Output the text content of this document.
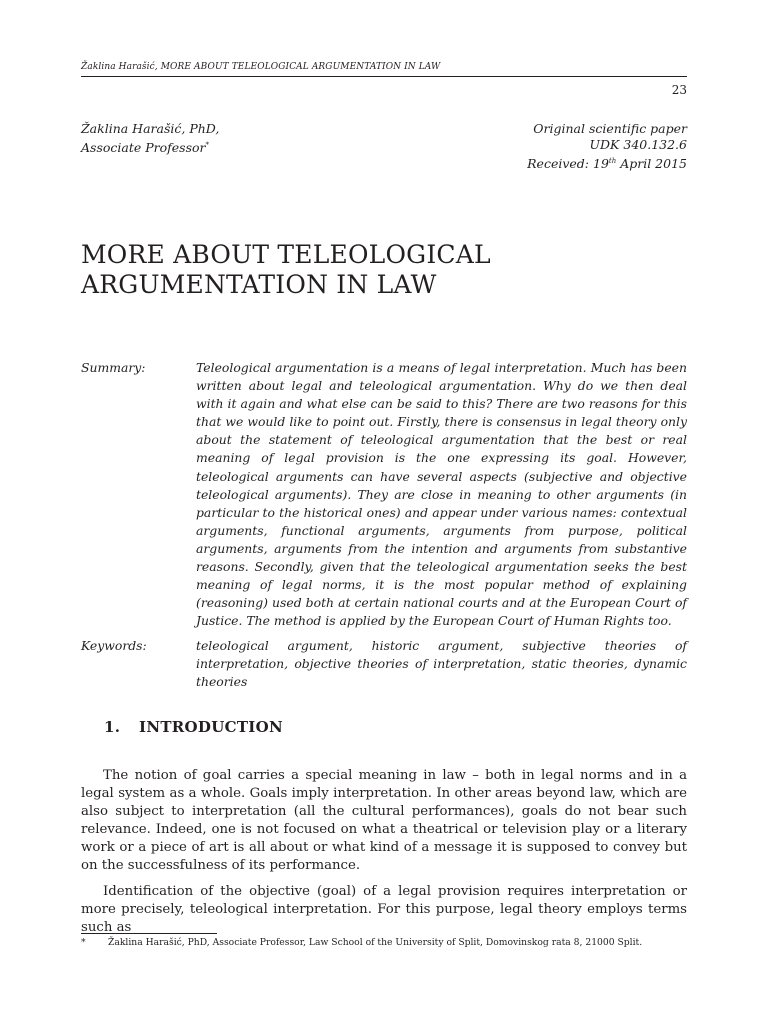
Žaklina Harašić, MORE ABOUT TELEOLOGICAL ARGUMENTATION IN LAW
23
Žaklina Harašić, PhD,
Associate Professor*
Original scientific paper
UDK 340.132.6
Received: 19th April 2015
MORE ABOUT TELEOLOGICAL ARGUMENTATION IN LAW
Summary:	Teleological argumentation is a means of legal interpretation. Much has been written about legal and teleological argumentation. Why do we then deal with it again and what else can be said to this? There are two reasons for this that we would like to point out. Firstly, there is consensus in legal theory only about the statement of teleological argumentation that the best or real meaning of legal provision is the one expressing its goal. However, teleological arguments can have several aspects (subjective and objective teleological arguments). They are close in meaning to other arguments (in particular to the historical ones) and appear under various names: contextual arguments, functional arguments, arguments from purpose, political arguments, arguments from the intention and arguments from substantive reasons. Secondly, given that the teleological argumentation seeks the best meaning of legal norms, it is the most popular method of explaining (reasoning) used both at certain national courts and at the European Court of Justice. The method is applied by the European Court of Human Rights too.
Keywords:	teleological argument, historic argument, subjective theories of interpretation, objective theories of interpretation, static theories, dynamic theories
1. INTRODUCTION

The notion of goal carries a special meaning in law – both in legal norms and in a legal system as a whole. Goals imply interpretation. In other areas beyond law, which are also subject to interpretation (all the cultural performances), goals do not bear such relevance. Indeed, one is not focused on what a theatrical or television play or a literary work or a piece of art is all about or what kind of a message it is supposed to convey but on the successfulness of its performance.

Identification of the objective (goal) of a legal provision requires interpretation or more precisely, teleological interpretation. For this purpose, legal theory employs terms such as

* Žaklina Harašić, PhD, Associate Professor, Law School of the University of Split, Domovinskog rata 8, 21000 Split.
